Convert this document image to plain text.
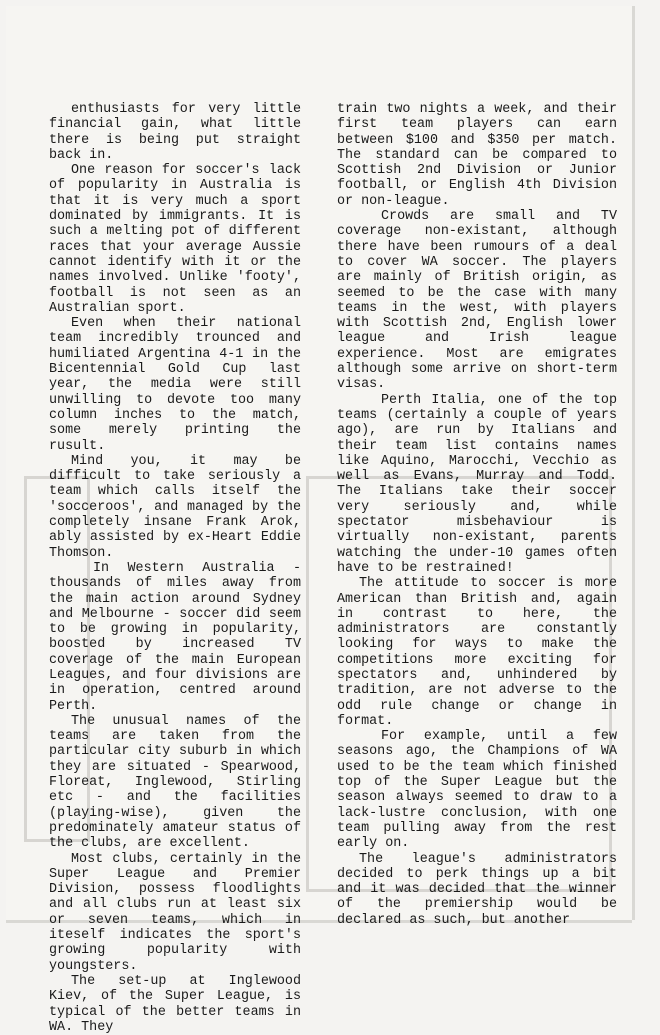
enthusiasts for very little financial gain, what little there is being put straight back in.

One reason for soccer's lack of popularity in Australia is that it is very much a sport dominated by immigrants. It is such a melting pot of different races that your average Aussie cannot identify with it or the names involved. Unlike 'footy', football is not seen as an Australian sport.

Even when their national team incredibly trounced and humiliated Argentina 4-1 in the Bicentennial Gold Cup last year, the media were still unwilling to devote too many column inches to the match, some merely printing the rusult.

Mind you, it may be difficult to take seriously a team which calls itself the 'socceroos', and managed by the completely insane Frank Arok, ably assisted by ex-Heart Eddie Thomson.

In Western Australia - thousands of miles away from the main action around Sydney and Melbourne - soccer did seem to be growing in popularity, boosted by increased TV coverage of the main European Leagues, and four divisions are in operation, centred around Perth.

The unusual names of the teams are taken from the particular city suburb in which they are situated - Spearwood, Floreat, Inglewood, Stirling etc - and the facilities (playing-wise), given the predominately amateur status of the clubs, are excellent.

Most clubs, certainly in the Super League and Premier Division, possess floodlights and all clubs run at least six or seven teams, which in iteself indicates the sport's growing popularity with youngsters.

The set-up at Inglewood Kiev, of the Super League, is typical of the better teams in WA. They

train two nights a week, and their first team players can earn between $100 and $350 per match. The standard can be compared to Scottish 2nd Division or Junior football, or English 4th Division or non-league.

Crowds are small and TV coverage non-existant, although there have been rumours of a deal to cover WA soccer. The players are mainly of British origin, as seemed to be the case with many teams in the west, with players with Scottish 2nd, English lower league and Irish league experience. Most are emigrates although some arrive on short-term visas.

Perth Italia, one of the top teams (certainly a couple of years ago), are run by Italians and their team list contains names like Aquino, Marocchi, Vecchio as well as Evans, Murray and Todd. The Italians take their soccer very seriously and, while spectator misbehaviour is virtually non-existant, parents watching the under-10 games often have to be restrained!

The attitude to soccer is more American than British and, again in contrast to here, the administrators are constantly looking for ways to make the competitions more exciting for spectators and, unhindered by tradition, are not adverse to the odd rule change or change in format.

For example, until a few seasons ago, the Champions of WA used to be the team which finished top of the Super League but the season always seemed to draw to a lack-lustre conclusion, with one team pulling away from the rest early on.

The league's administrators decided to perk things up a bit and it was decided that the winner of the premiership would be declared as such, but another
